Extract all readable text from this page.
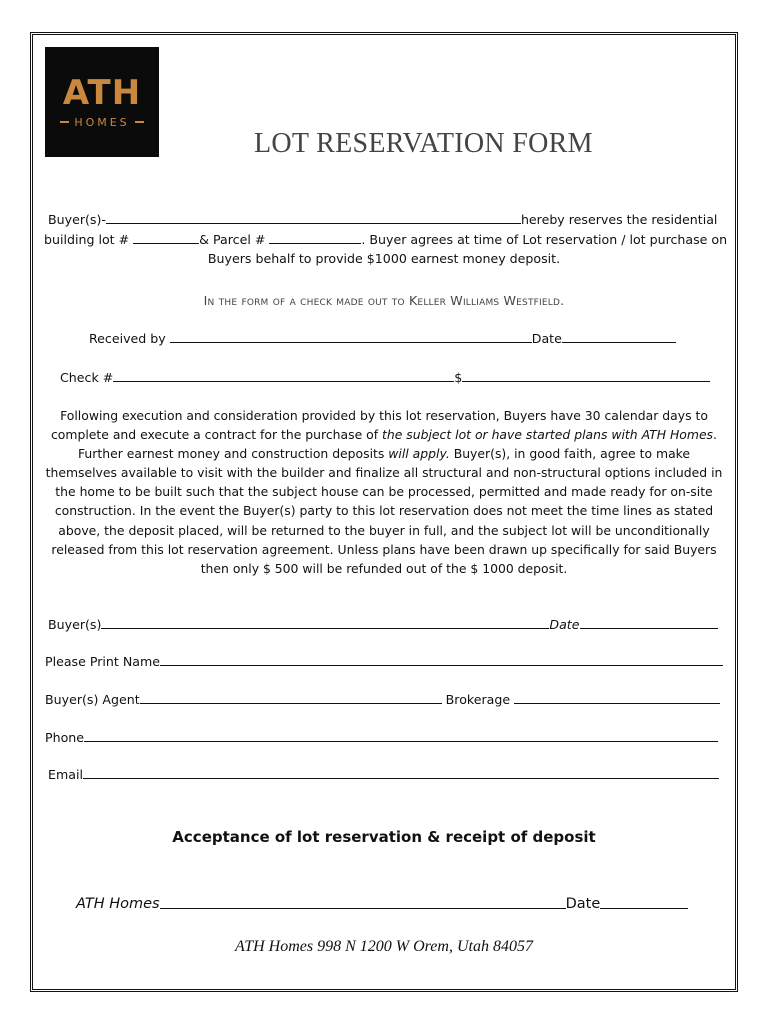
ATH
HOMES
LOT RESERVATION FORM
Buyer(s)-	hereby reserves the residential
building lot #	& Parcel #	. Buyer agrees at time of Lot reservation / lot purchase on
Buyers behalf to provide $1000 earnest money deposit.
In the form of a check made out to Keller Williams Westfield.
Received by	Date
Check #	$
Following execution and consideration provided by this lot reservation, Buyers have 30 calendar days to complete and execute a contract for the purchase of the subject lot or have started plans with ATH Homes. Further earnest money and construction deposits will apply. Buyer(s), in good faith, agree to make themselves available to visit with the builder and finalize all structural and non-structural options included in the home to be built such that the subject house can be processed, permitted and made ready for on-site construction. In the event the Buyer(s) party to this lot reservation does not meet the time lines as stated above, the deposit placed, will be returned to the buyer in full, and the subject lot will be unconditionally released from this lot reservation agreement. Unless plans have been drawn up specifically for said Buyers then only $ 500 will be refunded out of the $ 1000 deposit.
Buyer(s)	Date
Please Print Name
Buyer(s) Agent	Brokerage
Phone
Email
Acceptance of lot reservation & receipt of deposit
ATH Homes	Date
ATH Homes 998 N 1200 W Orem, Utah 84057
